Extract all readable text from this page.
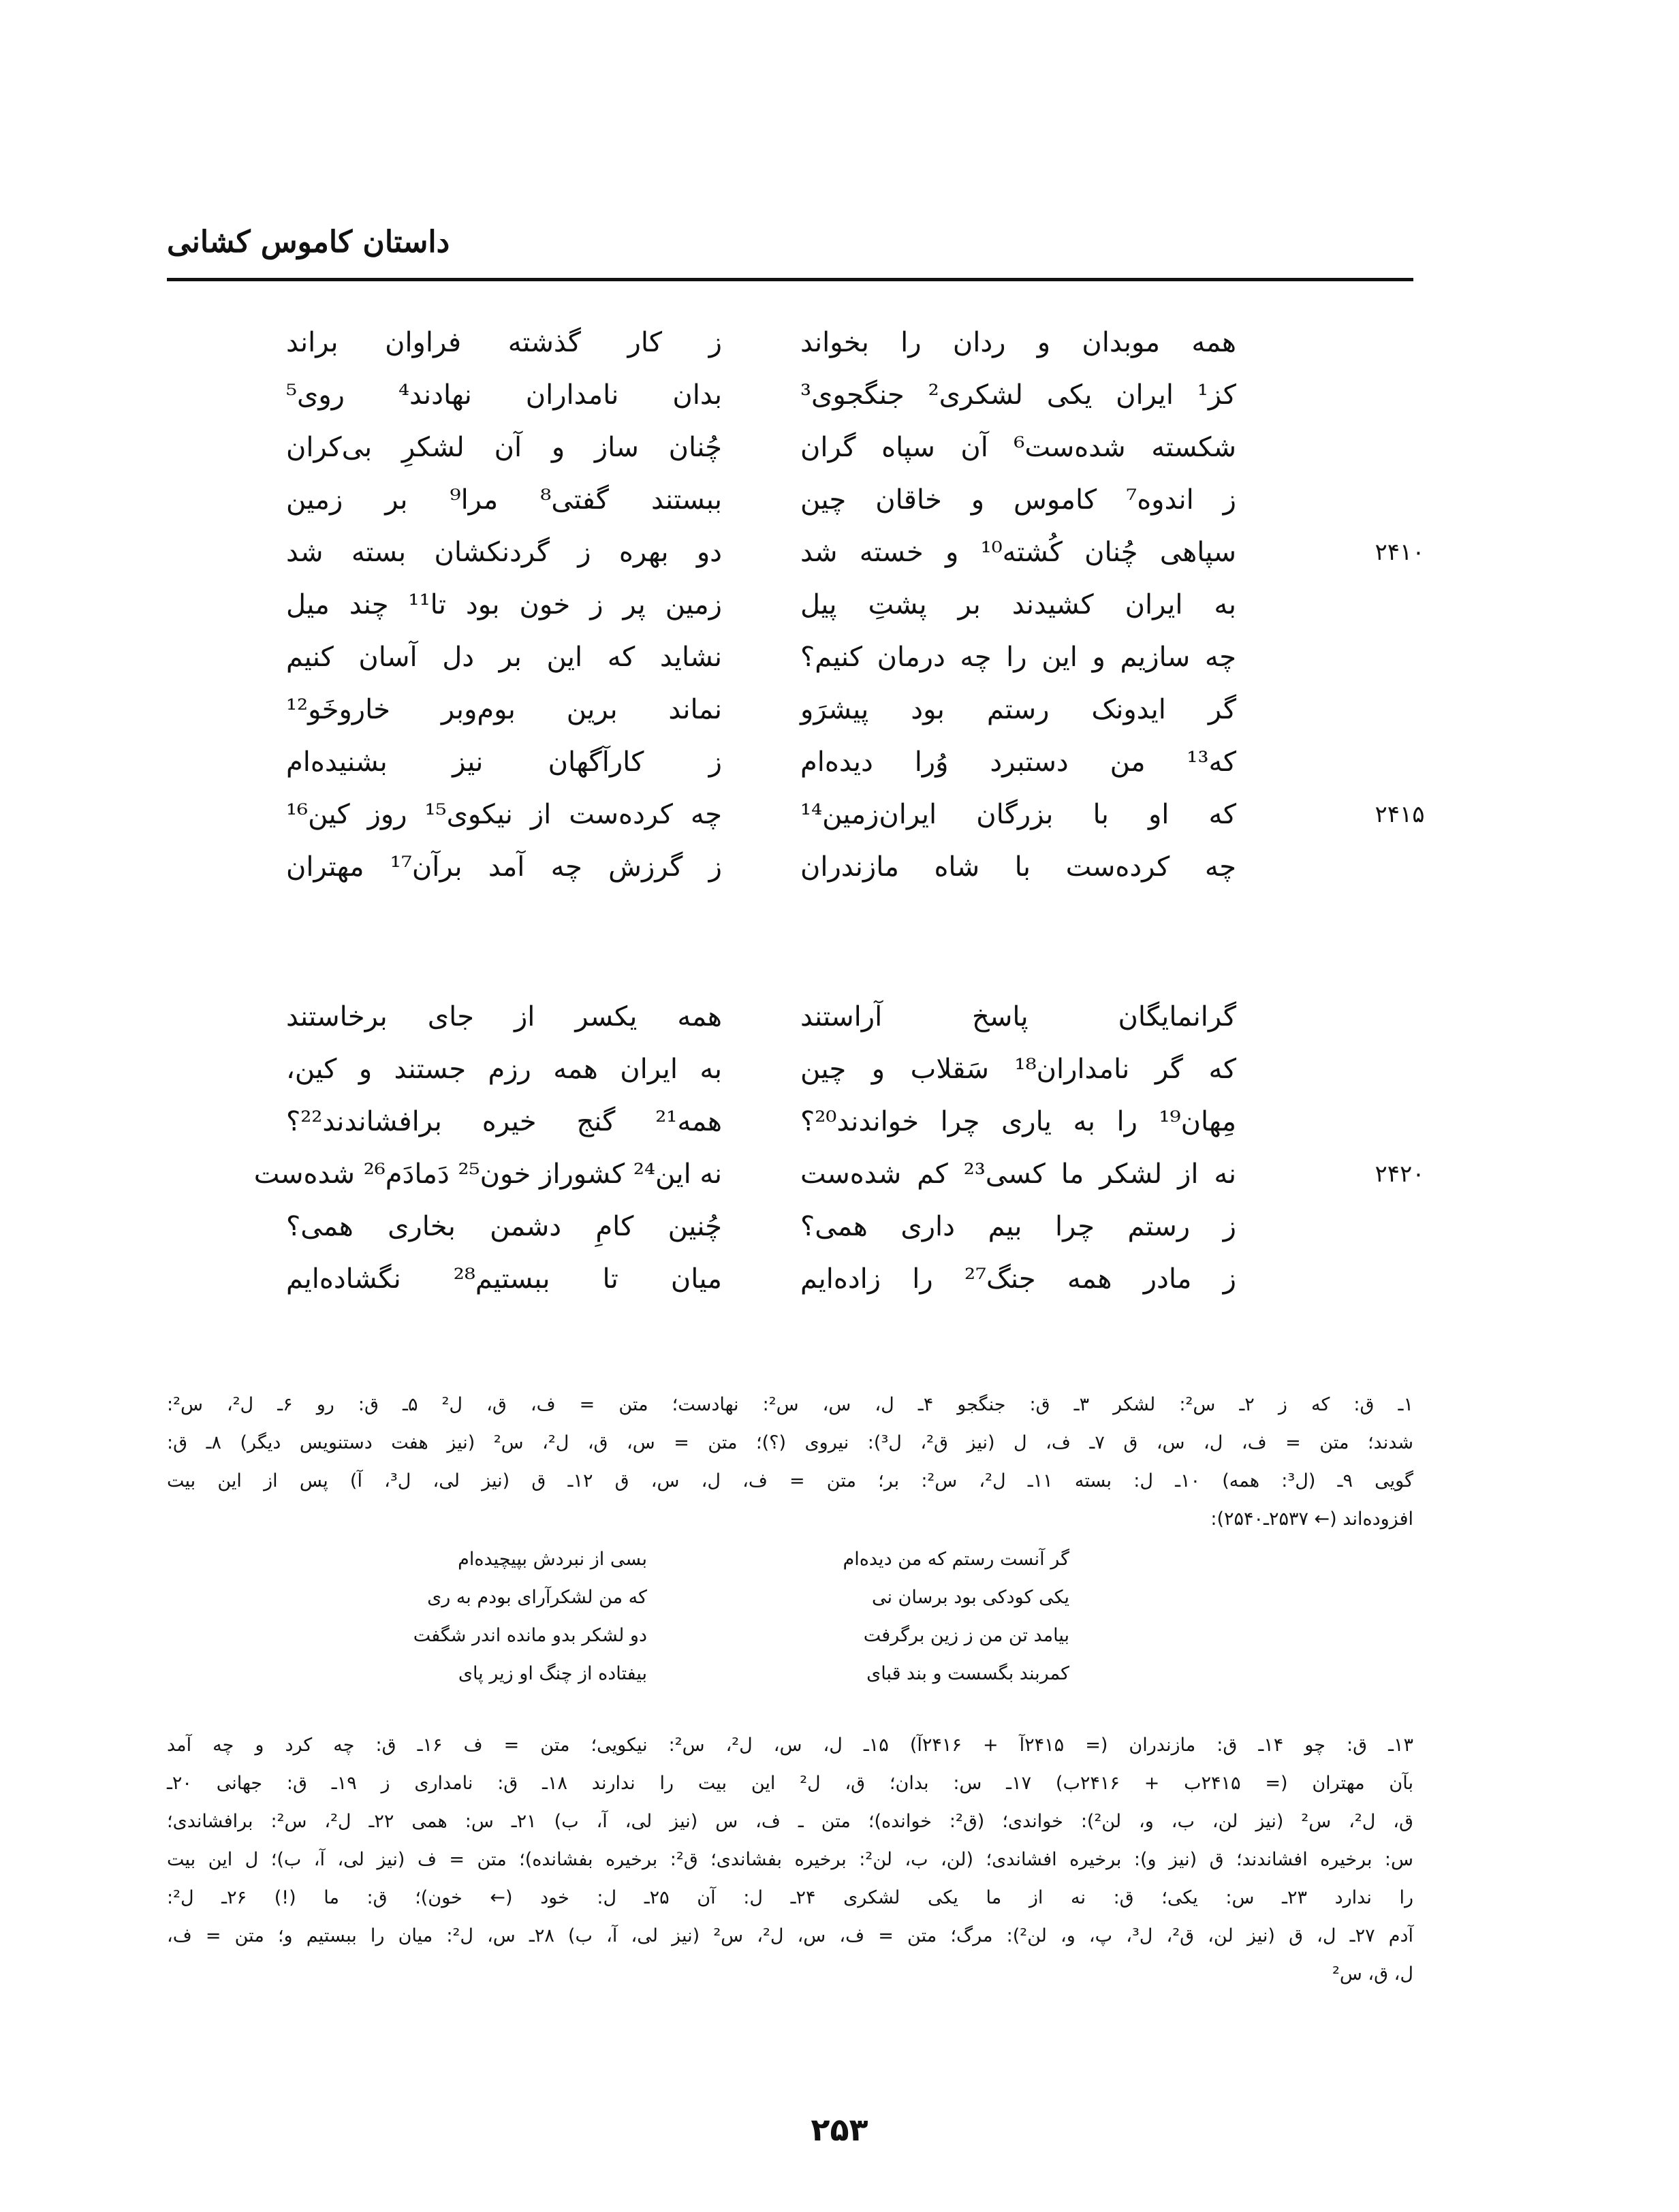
داستان کاموس کشانی
همه موبدان و ردان را بخواند
ز کار گذشته فراوان براند
کز¹ ایران یکی لشکری² جنگجوی³
بدان نامداران نهادند⁴ روی⁵
شکسته شده‌ست⁶ آن سپاه گران
چُنان ساز و آن لشکرِ بی‌کران
ز اندوه⁷ کاموس و خاقان چین
ببستند گفتی⁸ مرا⁹ بر زمین
۲۴۱۰
سپاهی چُنان کُشته¹⁰ و خسته شد
دو بهره ز گردنکشان بسته شد
به ایران کشیدند بر پشتِ پیل
زمین پر ز خون بود تا¹¹ چند میل
چه سازیم و این را چه درمان کنیم؟
نشاید که این بر دل آسان کنیم
گر ایدونک رستم بود پیشرَو
نماند برین بوم‌وبر خاروخَو¹²
که¹³ من دستبرد وُرا دیده‌ام
ز کارآگهان نیز بشنیده‌ام
۲۴۱۵
که او با بزرگان ایران‌زمین¹⁴
چه کرده‌ست از نیکوی¹⁵ روز کین¹⁶
چه کرده‌ست با شاه مازندران
ز گرزش چه آمد برآن¹⁷ مهتران
گرانمایگان پاسخ آراستند
همه یکسر از جای برخاستند
که گر نامداران¹⁸ سَقلاب و چین
به ایران همه رزم جستند و کین،
مِهان¹⁹ را به یاری چرا خواندند²⁰؟
همه²¹ گنج خیره برافشاندند²²؟
۲۴۲۰
نه از لشکر ما کسی²³ کم شده‌ست
نه این²⁴ کشوراز خون²⁵ دَمادَم²⁶ شده‌ست
ز رستم چرا بیم داری همی؟
چُنین کامِ دشمن بخاری همی؟
ز مادر همه جنگ²⁷ را زاده‌ایم
میان تا ببستیم²⁸ نگشاده‌ایم
۱ـ ق: که ز ۲ـ س²: لشکر ۳ـ ق: جنگجو ۴ـ ل، س، س²: نهادست؛ متن = ف، ق، ل² ۵ـ ق: رو ۶ـ ل²، س²:
شدند؛ متن = ف، ل، س، ق ۷ـ ف، ل (نیز ق²، ل³): نیروی (؟)؛ متن = س، ق، ل²، س² (نیز هفت دستنویس دیگر) ۸ـ ق:
گویی ۹ـ (ل³: همه) ۱۰ـ ل: بسته ۱۱ـ ل²، س²: بر؛ متن = ف، ل، س، ق ۱۲ـ ق (نیز لی، ل³، آ) پس از این بیت
افزوده‌اند (← ۲۵۳۷ـ۲۵۴۰):
گر آنست رستم که من دیده‌ام
بسی از نبردش بپیچیده‌ام
یکی کودکی بود برسان نی
که من لشکرآرای بودم به ری
بیامد تن من ز زین برگرفت
دو لشکر بدو مانده اندر شگفت
کمربند بگسست و بند قبای
بیفتاده از چنگ او زیر پای
۱۳ـ ق: چو ۱۴ـ ق: مازندران (= ۲۴۱۵آ + ۲۴۱۶آ) ۱۵ـ ل، س، ل²، س²: نیکویی؛ متن = ف ۱۶ـ ق: چه کرد و چه آمد
بآن مهتران (= ۲۴۱۵ب + ۲۴۱۶ب) ۱۷ـ س: بدان؛ ق، ل² این بیت را ندارند ۱۸ـ ق: نامداری ز ۱۹ـ ق: جهانی ۲۰ـ
ق، ل²، س² (نیز لن، ب، و، لن²): خواندی؛ (ق²: خوانده)؛ متن ـ ف، س (نیز لی، آ، ب) ۲۱ـ س: همی ۲۲ـ ل²، س²: برافشاندی؛
س: برخیره افشاندند؛ ق (نیز و): برخیره افشاندی؛ (لن، ب، لن²: برخیره بفشاندی؛ ق²: برخیره بفشانده)؛ متن = ف (نیز لی، آ، ب)؛ ل این بیت
را ندارد ۲۳ـ س: یکی؛ ق: نه از ما یکی لشکری ۲۴ـ ل: آن ۲۵ـ ل: خود (← خون)؛ ق: ما (!) ۲۶ـ ل²:
آدم ۲۷ـ ل، ق (نیز لن، ق²، ل³، پ، و، لن²): مرگ؛ متن = ف، س، ل²، س² (نیز لی، آ، ب) ۲۸ـ س، ل²: میان را ببستیم و؛ متن = ف،
ل، ق، س²
۲۵۳
